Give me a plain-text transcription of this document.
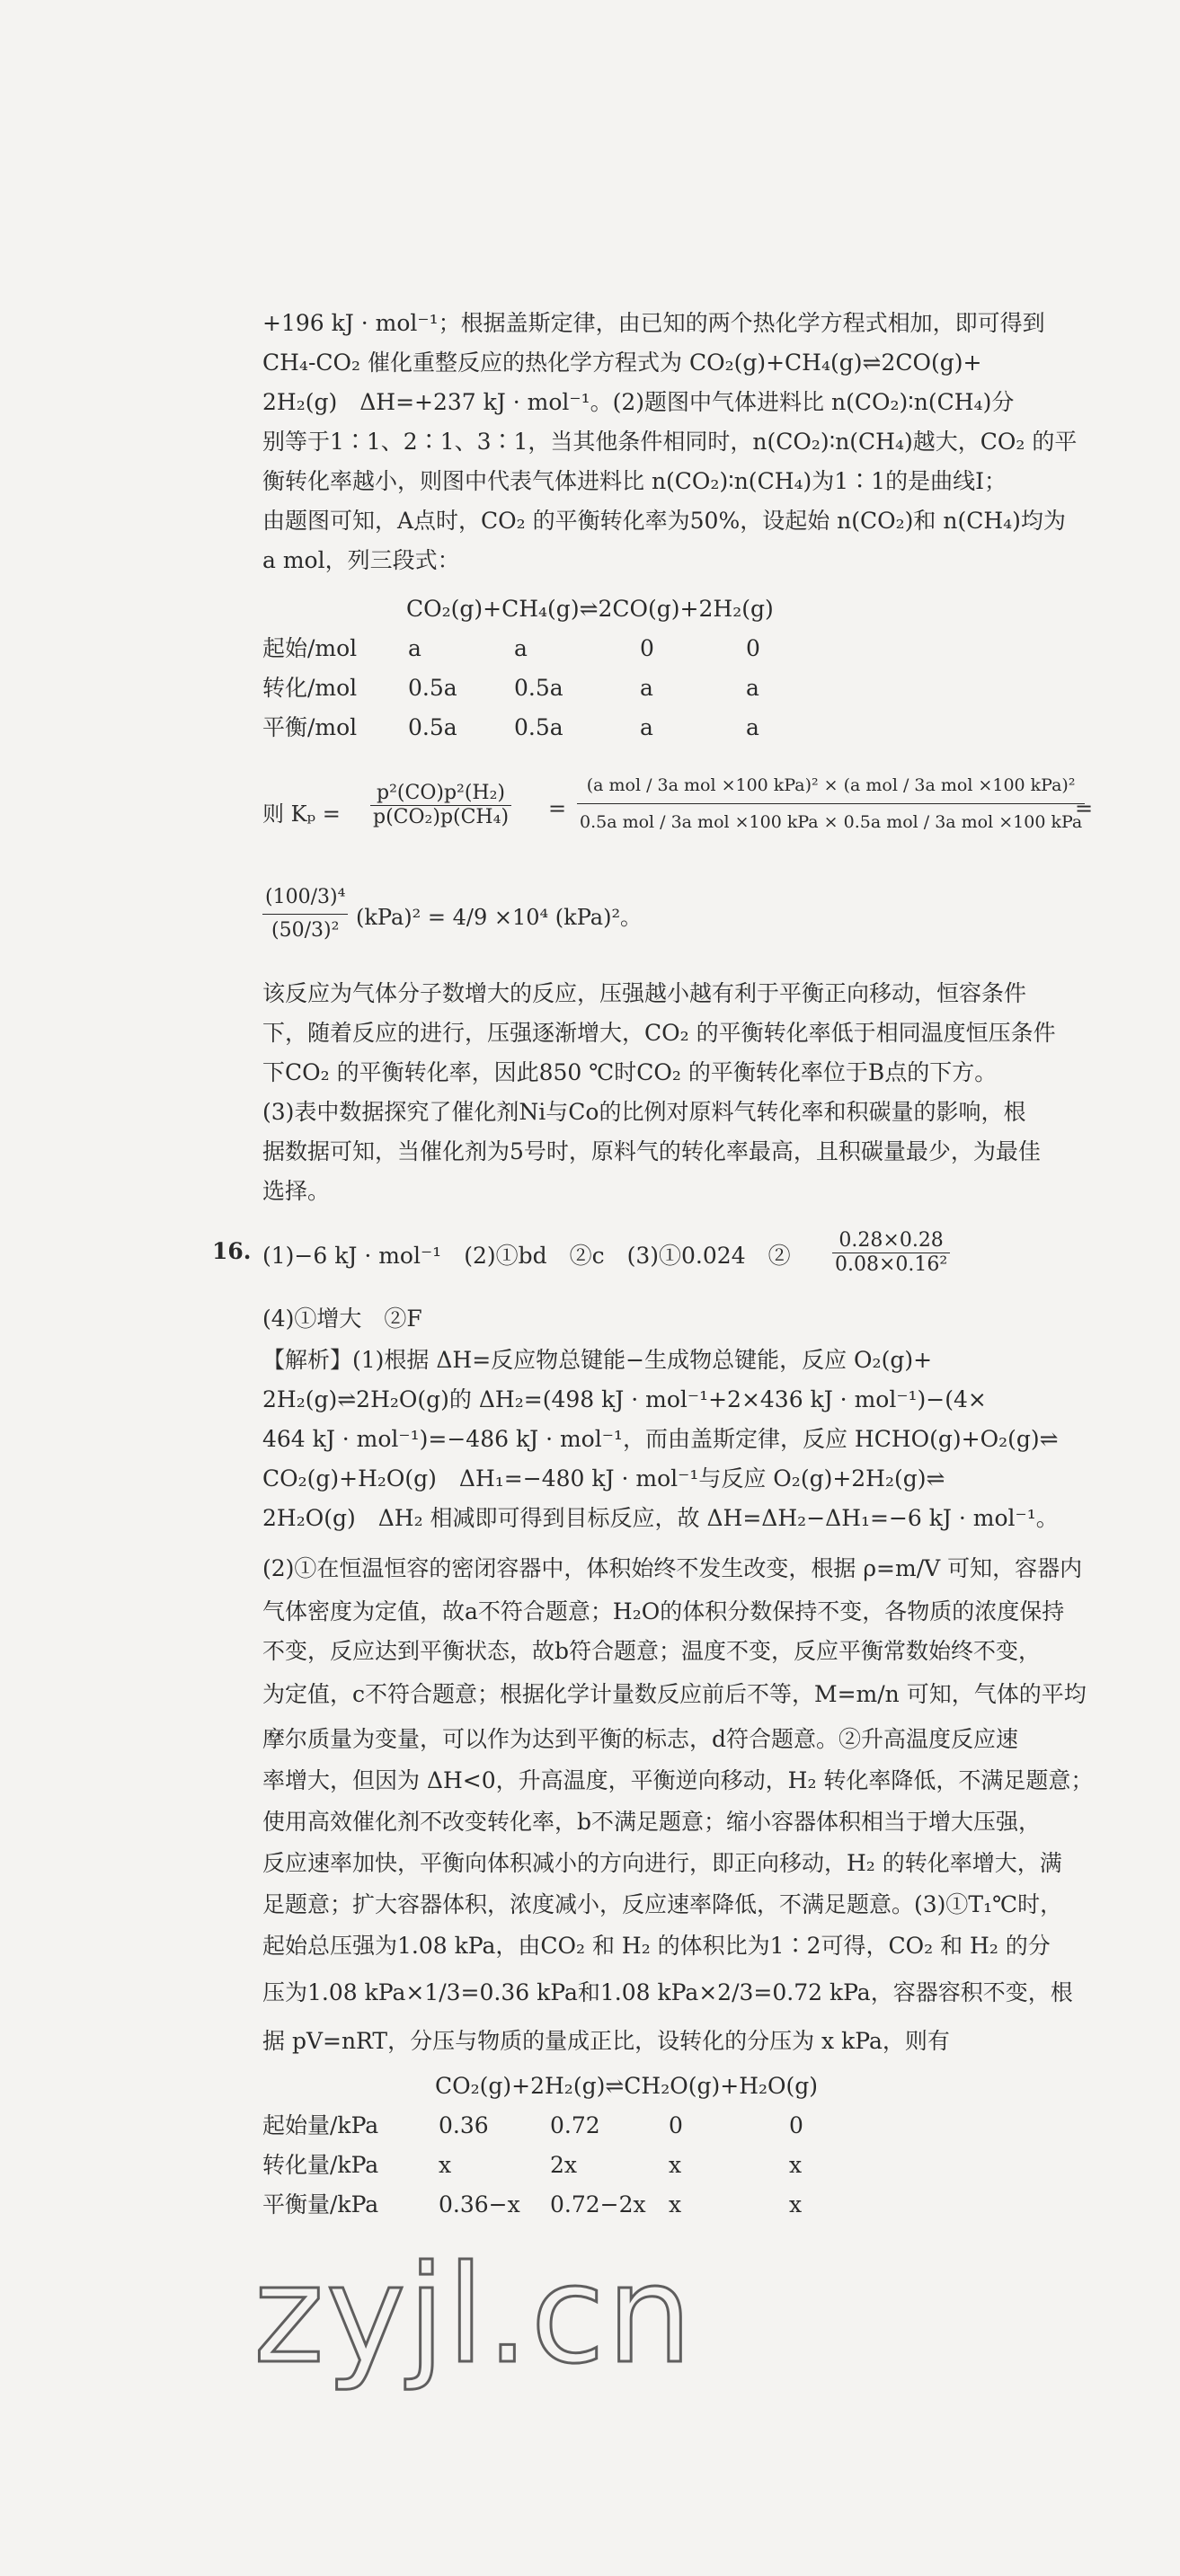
+196 kJ · mol⁻¹；根据盖斯定律，由已知的两个热化学方程式相加，即可得到
CH₄-CO₂ 催化重整反应的热化学方程式为 CO₂(g)+CH₄(g)⇌2CO(g)+
2H₂(g)　ΔH=+237 kJ · mol⁻¹。(2)题图中气体进料比 n(CO₂)∶n(CH₄)分
别等于1∶1、2∶1、3∶1，当其他条件相同时，n(CO₂)∶n(CH₄)越大，CO₂ 的平
衡转化率越小，则图中代表气体进料比 n(CO₂)∶n(CH₄)为1∶1的是曲线Ⅰ；
由题图可知，A点时，CO₂ 的平衡转化率为50%，设起始 n(CO₂)和 n(CH₄)均为
a mol，列三段式：
CO₂(g)+CH₄(g)⇌2CO(g)+2H₂(g)
起始/mol a	a	0	0
转化/mol 0.5a	0.5a	a	a
平衡/mol 0.5a	0.5a	a	a
则 $K_p = \frac{\text{p²(CO)p²(H₂)}}{\text{p(CO₂)p(CH₄)}}$ =
(a mol / 3a mol ×100 kPa)² × (a mol / 3a mol ×100 kPa)²
0.5a mol / 3a mol ×100 kPa × 0.5a mol / 3a mol ×100 kPa
=
$\frac{\text{(100/3)⁴}}{\text{(50/3)²}} (kPa)^2 = 4/9 \times 10^4$ (kPa)²。
该反应为气体分子数增大的反应，压强越小越有利于平衡正向移动，恒容条件
下，随着反应的进行，压强逐渐增大，CO₂ 的平衡转化率低于相同温度恒压条件
下CO₂ 的平衡转化率，因此850 ℃时CO₂ 的平衡转化率位于B点的下方。
(3)表中数据探究了催化剂Ni与Co的比例对原料气转化率和积碳量的影响，根
据数据可知，当催化剂为5号时，原料气的转化率最高，且积碳量最少，为最佳
选择。
16. (1)−6 kJ · mol⁻¹　(2)①bd　②c　(3)①0.024　② $\frac{0.28\times 0.28}{\text{0.08×0.16²}}$
(4)①增大　②F
【解析】(1)根据 ΔH=反应物总键能−生成物总键能，反应 O₂(g)+
2H₂(g)⇌2H₂O(g)的 ΔH₂=(498 kJ · mol⁻¹+2×436 kJ · mol⁻¹)−(4×
464 kJ · mol⁻¹)=−486 kJ · mol⁻¹，而由盖斯定律，反应 HCHO(g)+O₂(g)⇌
CO₂(g)+H₂O(g)　ΔH₁=−480 kJ · mol⁻¹与反应 O₂(g)+2H₂(g)⇌
2H₂O(g)　ΔH₂ 相减即可得到目标反应，故 ΔH=ΔH₂−ΔH₁=−6 kJ · mol⁻¹。
(2)①在恒温恒容的密闭容器中，体积始终不发生改变，根据 ρ=m/V 可知，容器内
气体密度为定值，故a不符合题意；H₂O的体积分数保持不变，各物质的浓度保持
不变，反应达到平衡状态，故b符合题意；温度不变，反应平衡常数始终不变，
为定值，c不符合题意；根据化学计量数反应前后不等，M=m/n 可知，气体的平均
摩尔质量为变量，可以作为达到平衡的标志，d符合题意。②升高温度反应速
率增大，但因为 ΔH<0，升高温度，平衡逆向移动，H₂ 转化率降低，不满足题意；
使用高效催化剂不改变转化率，b不满足题意；缩小容器体积相当于增大压强，
反应速率加快，平衡向体积减小的方向进行，即正向移动，H₂ 的转化率增大，满
足题意；扩大容器体积，浓度减小，反应速率降低，不满足题意。(3)①T₁℃时，
起始总压强为1.08 kPa，由CO₂ 和 H₂ 的体积比为1∶2可得，CO₂ 和 H₂ 的分
压为1.08 kPa×1/3=0.36 kPa和1.08 kPa×2/3=0.72 kPa，容器容积不变，根
据 pV=nRT，分压与物质的量成正比，设转化的分压为 x kPa，则有
CO₂(g)+2H₂(g)⇌CH₂O(g)+H₂O(g)
起始量/kPa	0.36	0.72	0	0
转化量/kPa	x	2x	x	x
平衡量/kPa	0.36−x 0.72−2x x	x
zyjl.cn
